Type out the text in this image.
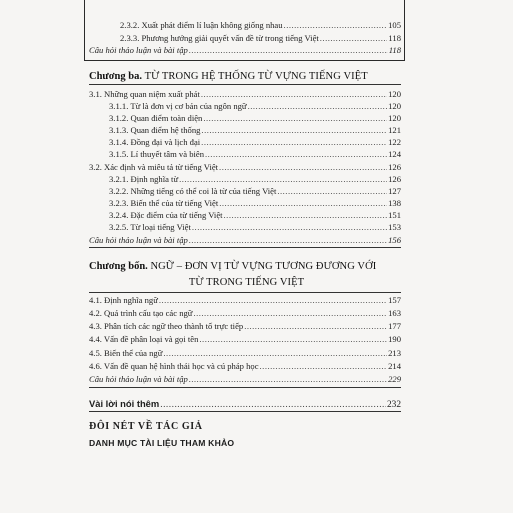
2.3.2. Xuất phát điểm lí luận không giống nhau .....	105
2.3.3. Phương hướng giải quyết vấn đề từ trong tiếng Việt .....	118
Câu hỏi thảo luận và bài tập .....	118
Chương ba. TỪ TRONG HỆ THỐNG TỪ VỰNG TIẾNG VIỆT
3.1. Những quan niệm xuất phát .....	120
3.1.1. Từ là đơn vị cơ bản của ngôn ngữ .....	120
3.1.2. Quan điểm toàn diện .....	120
3.1.3. Quan điểm hệ thống .....	121
3.1.4. Đồng đại và lịch đại .....	122
3.1.5. Lí thuyết tâm và biên .....	124
3.2. Xác định và miêu tả từ tiếng Việt .....	126
3.2.1. Định nghĩa từ .....	126
3.2.2. Những tiếng có thể coi là từ của tiếng Việt .....	127
3.2.3. Biến thể của từ tiếng Việt .....	138
3.2.4. Đặc điểm của từ tiếng Việt .....	151
3.2.5. Từ loại tiếng Việt .....	153
Câu hỏi thảo luận và bài tập .....	156
Chương bốn. NGỮ – ĐƠN VỊ TỪ VỰNG TƯƠNG ĐƯƠNG VỚI
TỪ TRONG TIẾNG VIỆT
4.1. Định nghĩa ngữ .....	157
4.2. Quá trình cấu tạo các ngữ .....	163
4.3. Phân tích các ngữ theo thành tố trực tiếp .....	177
4.4. Vấn đề phân loại và gọi tên .....	190
4.5. Biến thể của ngữ .....	213
4.6. Vấn đề quan hệ hình thái học và cú pháp học .....	214
Câu hỏi thảo luận và bài tập .....	229
Vài lời nói thêm .....	232
ĐÔI NÉT VỀ TÁC GIẢ
DANH MỤC TÀI LIỆU THAM KHẢO
